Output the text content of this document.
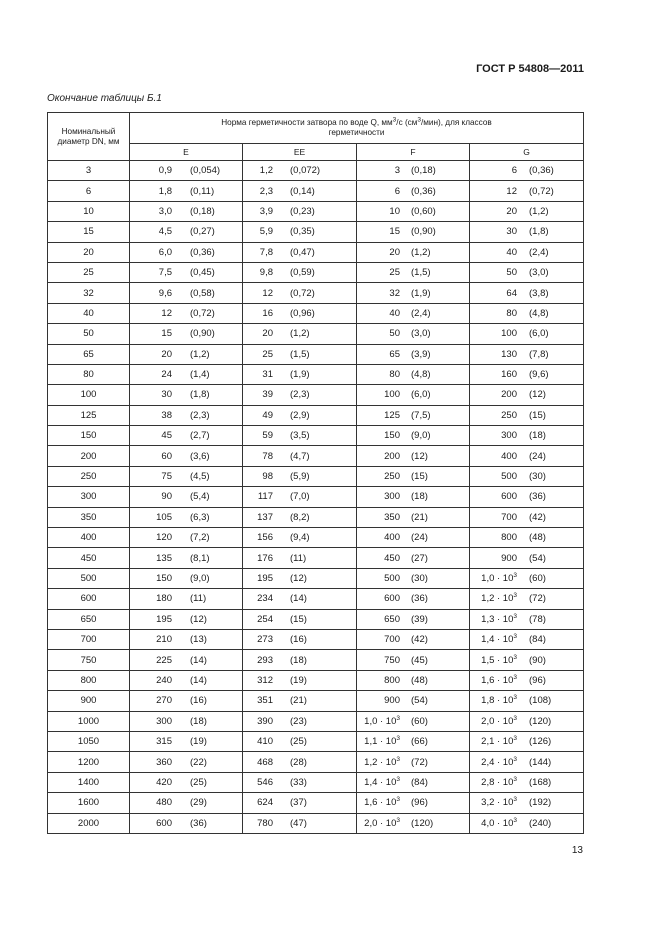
ГОСТ Р 54808—2011

Окончание таблицы Б.1

Номинальный диаметр DN, мм	Норма герметичности затвора по воде Q, $мм^3/с$ $(см^3/мин)$, для классов герметичности			
	E	EE	F	G
3	0,9 (0,054)	1,2 (0,072)	3 (0,18)	6 (0,36)

6	1,8 (0,11)	2,3 (0,14)	6 (0,36)	12 (0,72)

10	3,0 (0,18)	3,9 (0,23)	10 (0,60)	20 (1,2)

15	4,5 (0,27)	5,9 (0,35)	15 (0,90)	30 (1,8)

20	6,0 (0,36)	7,8 (0,47)	20 (1,2)	40 (2,4)

25	7,5 (0,45)	9,8 (0,59)	25 (1,5)	50 (3,0)

32	9,6 (0,58)	12 (0,72)	32 (1,9)	64 (3,8)

40	12 (0,72)	16 (0,96)	40 (2,4)	80 (4,8)

50	15 (0,90)	20 (1,2)	50 (3,0)	100 (6,0)

65	20 (1,2)	25 (1,5)	65 (3,9)	130 (7,8)

80	24 (1,4)	31 (1,9)	80 (4,8)	160 (9,6)

100	30 (1,8)	39 (2,3)	100 (6,0)	200 (12)

125	38 (2,3)	49 (2,9)	125 (7,5)	250 (15)

150	45 (2,7)	59 (3,5)	150 (9,0)	300 (18)

200	60 (3,6)	78 (4,7)	200 (12)	400 (24)

250	75 (4,5)	98 (5,9)	250 (15)	500 (30)

300	90 (5,4)	117 (7,0)	300 (18)	600 (36)

350	105 (6,3)	137 (8,2)	350 (21)	700 (42)

400	120 (7,2)	156 (9,4)	400 (24)	800 (48)

450	135 (8,1)	176 (11)	450 (27)	900 (54)

500	150 (9,0)	195 (12)	500 (30)	$1,0 \cdot 10^3$ (60)

600	180 (11)	234 (14)	600 (36)	$1,2 \cdot 10^3$ (72)

650	195 (12)	254 (15)	650 (39)	$1,3 \cdot 10^3$ (78)

700	210 (13)	273 (16)	700 (42)	$1,4 \cdot 10^3$ (84)

750	225 (14)	293 (18)	750 (45)	$1,5 \cdot 10^3$ (90)

800	240 (14)	312 (19)	800 (48)	$1,6 \cdot 10^3$ (96)

900	270 (16)	351 (21)	900 (54)	$1,8 \cdot 10^3$ (108)

1000	300 (18)	390 (23)	$1,0 \cdot 10^3$ (60)	$2,0 \cdot 10^3$ (120)

1050	315 (19)	410 (25)	$1,1 \cdot 10^3$ (66)	$2,1 \cdot 10^3$ (126)

1200	360 (22)	468 (28)	$1,2 \cdot 10^3$ (72)	$2,4 \cdot 10^3$ (144)

1400	420 (25)	546 (33)	$1,4 \cdot 10^3$ (84)	$2,8 \cdot 10^3$ (168)

1600	480 (29)	624 (37)	$1,6 \cdot 10^3$ (96)	$3,2 \cdot 10^3$ (192)

2000	600 (36)	780 (47)	$2,0 \cdot 10^3$ (120)	$4,0 \cdot 10^3$ (240)

13
